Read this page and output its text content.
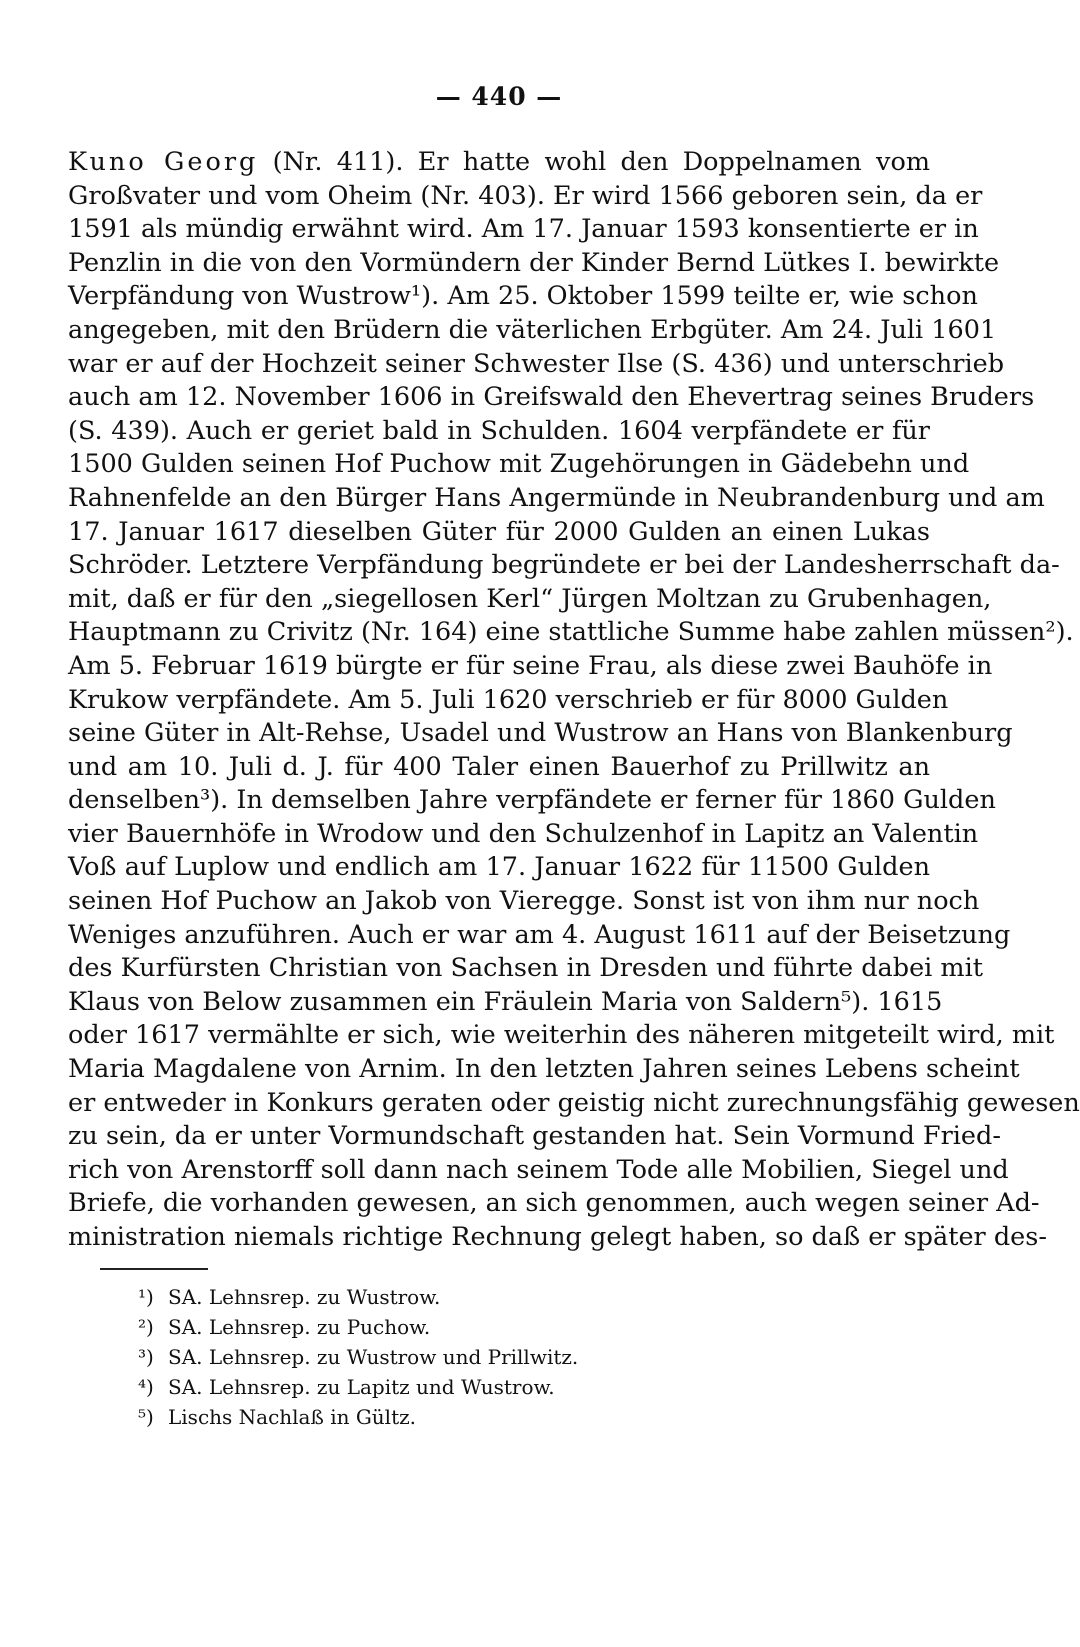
— 440 —
Kuno Georg (Nr. 411). Er hatte wohl den Doppelnamen vom
Großvater und vom Oheim (Nr. 403). Er wird 1566 geboren sein, da er
1591 als mündig erwähnt wird. Am 17. Januar 1593 konsentierte er in
Penzlin in die von den Vormündern der Kinder Bernd Lütkes I. bewirkte
Verpfändung von Wustrow¹). Am 25. Oktober 1599 teilte er, wie schon
angegeben, mit den Brüdern die väterlichen Erbgüter. Am 24. Juli 1601
war er auf der Hochzeit seiner Schwester Ilse (S. 436) und unterschrieb
auch am 12. November 1606 in Greifswald den Ehevertrag seines Bruders
(S. 439). Auch er geriet bald in Schulden. 1604 verpfändete er für
1500 Gulden seinen Hof Puchow mit Zugehörungen in Gädebehn und
Rahnenfelde an den Bürger Hans Angermünde in Neubrandenburg und am
17. Januar 1617 dieselben Güter für 2000 Gulden an einen Lukas
Schröder. Letztere Verpfändung begründete er bei der Landesherrschaft da-
mit, daß er für den „siegellosen Kerl“ Jürgen Moltzan zu Grubenhagen,
Hauptmann zu Crivitz (Nr. 164) eine stattliche Summe habe zahlen müssen²).
Am 5. Februar 1619 bürgte er für seine Frau, als diese zwei Bauhöfe in
Krukow verpfändete. Am 5. Juli 1620 verschrieb er für 8000 Gulden
seine Güter in Alt-Rehse, Usadel und Wustrow an Hans von Blankenburg
und am 10. Juli d. J. für 400 Taler einen Bauerhof zu Prillwitz an
denselben³). In demselben Jahre verpfändete er ferner für 1860 Gulden
vier Bauernhöfe in Wrodow und den Schulzenhof in Lapitz an Valentin
Voß auf Luplow und endlich am 17. Januar 1622 für 11500 Gulden
seinen Hof Puchow an Jakob von Vieregge. Sonst ist von ihm nur noch
Weniges anzuführen. Auch er war am 4. August 1611 auf der Beisetzung
des Kurfürsten Christian von Sachsen in Dresden und führte dabei mit
Klaus von Below zusammen ein Fräulein Maria von Saldern⁵). 1615
oder 1617 vermählte er sich, wie weiterhin des näheren mitgeteilt wird, mit
Maria Magdalene von Arnim. In den letzten Jahren seines Lebens scheint
er entweder in Konkurs geraten oder geistig nicht zurechnungsfähig gewesen
zu sein, da er unter Vormundschaft gestanden hat. Sein Vormund Fried-
rich von Arenstorff soll dann nach seinem Tode alle Mobilien, Siegel und
Briefe, die vorhanden gewesen, an sich genommen, auch wegen seiner Ad-
ministration niemals richtige Rechnung gelegt haben, so daß er später des-
¹) SA. Lehnsrep. zu Wustrow.
²) SA. Lehnsrep. zu Puchow.
³) SA. Lehnsrep. zu Wustrow und Prillwitz.
⁴) SA. Lehnsrep. zu Lapitz und Wustrow.
⁵) Lischs Nachlaß in Gültz.
